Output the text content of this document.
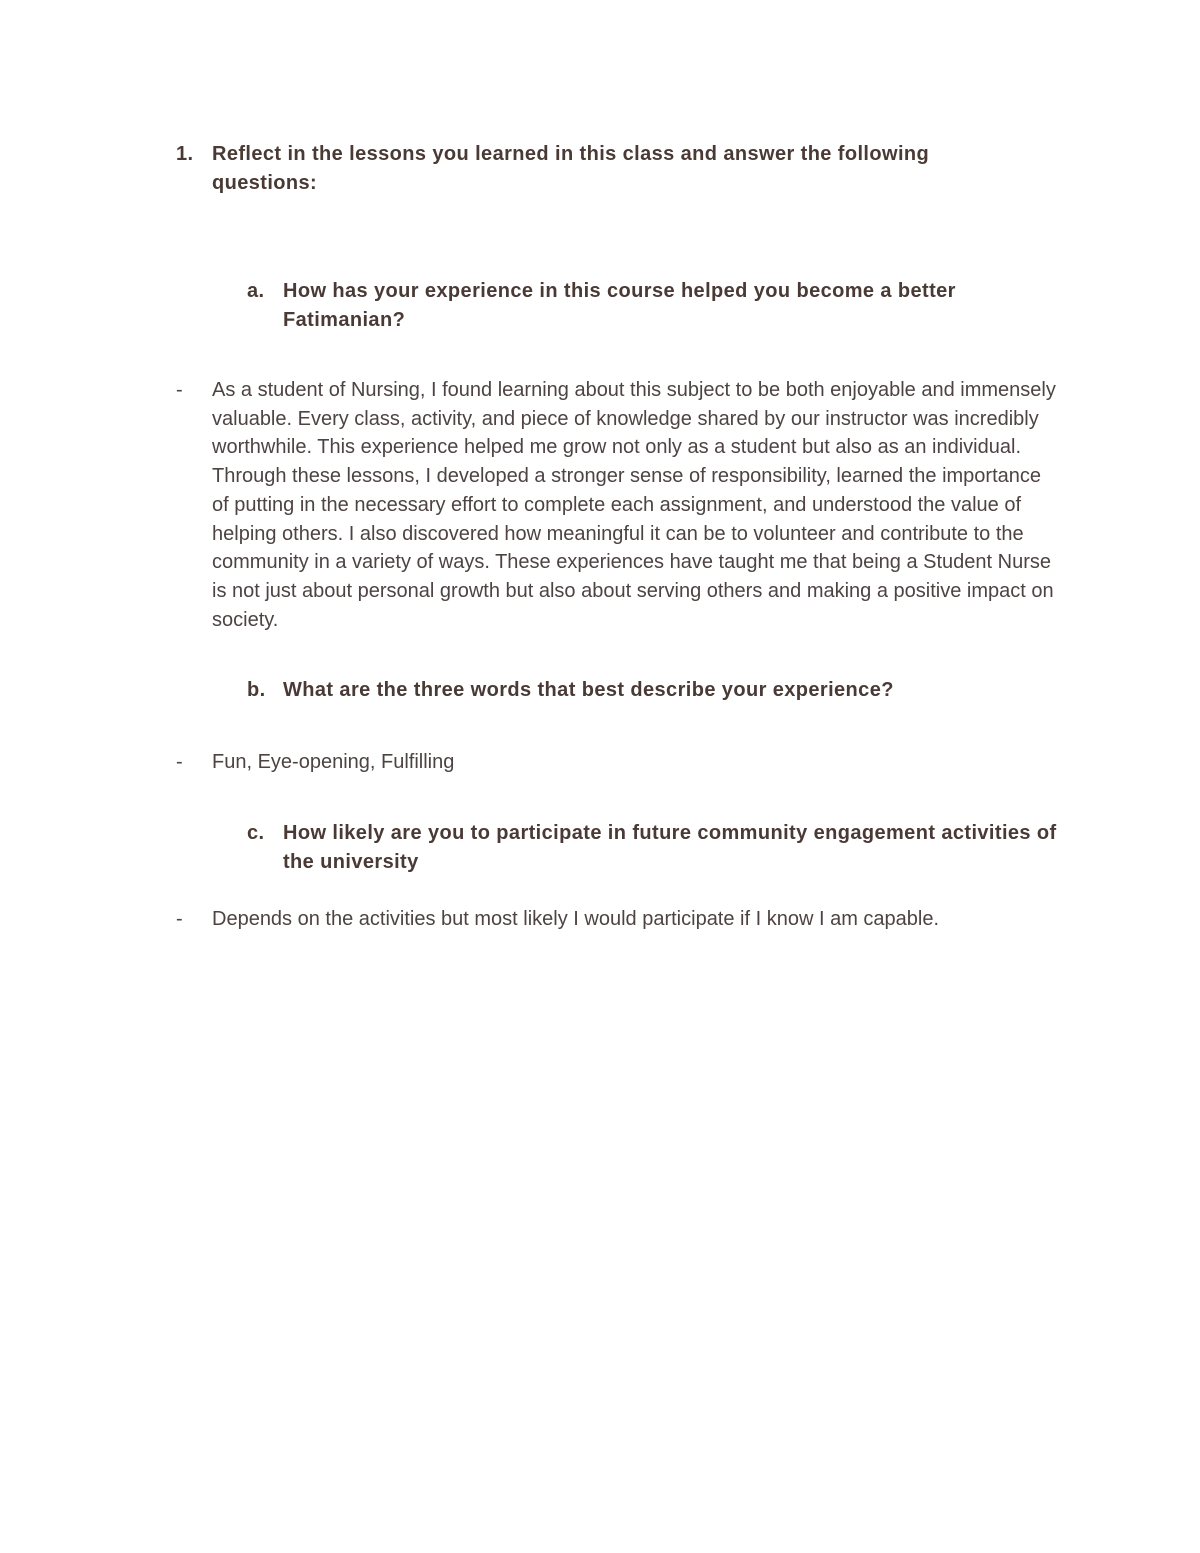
1. Reflect in the lessons you learned in this class and answer the following questions:
a. How has your experience in this course helped you become a better Fatimanian?
- As a student of Nursing, I found learning about this subject to be both enjoyable and immensely valuable. Every class, activity, and piece of knowledge shared by our instructor was incredibly worthwhile. This experience helped me grow not only as a student but also as an individual. Through these lessons, I developed a stronger sense of responsibility, learned the importance of putting in the necessary effort to complete each assignment, and understood the value of helping others. I also discovered how meaningful it can be to volunteer and contribute to the community in a variety of ways. These experiences have taught me that being a Student Nurse is not just about personal growth but also about serving others and making a positive impact on society.
b. What are the three words that best describe your experience?
- Fun, Eye-opening, Fulfilling
c. How likely are you to participate in future community engagement activities of the university
- Depends on the activities but most likely I would participate if I know I am capable.
